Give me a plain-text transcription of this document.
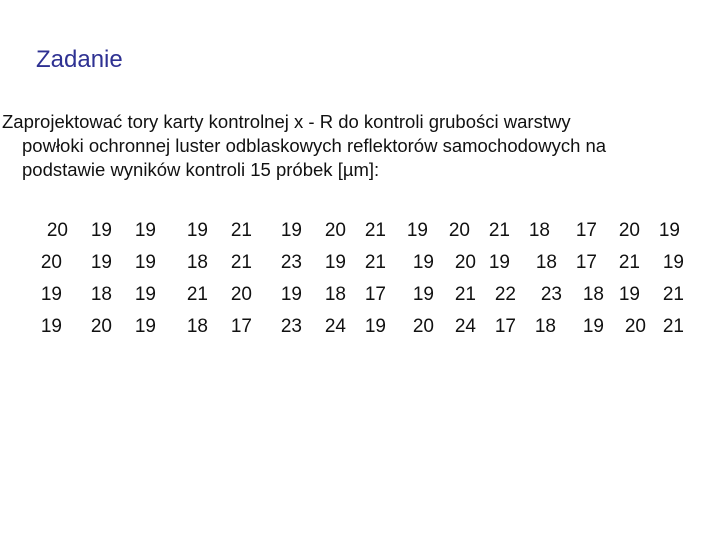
Zadanie
Zaprojektować tory karty kontrolnej x - R do kontroli grubości warstwy
powłoki ochronnej luster odblaskowych reflektorów samochodowych na
podstawie wyników kontroli 15 próbek [µm]:
20	19	19	19	21	19	20 21	19	20 21 18	17	20 19
20	19	19	18	21	23	19 21	19	20 19	18 17	21	19
19	18	19	21	20	19	18 17	19	21 22	23	18 19	21
19	20	19	18	17	23	24 19	20	24 17 18	19	20 21
